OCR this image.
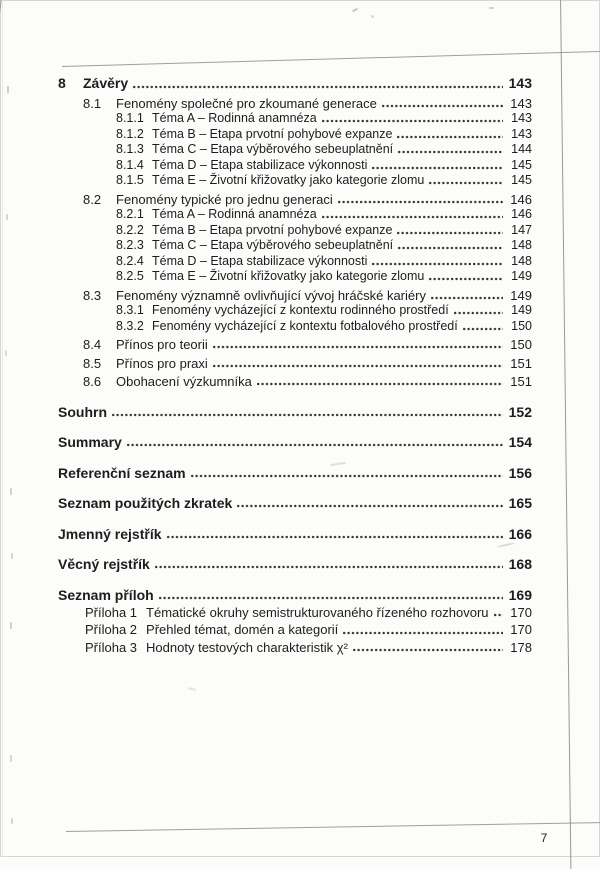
8	Závěry	143
8.1	Fenomény společné pro zkoumané generace	143
8.1.1 Téma A – Rodinná anamnéza	143
8.1.2 Téma B – Etapa prvotní pohybové expanze	143
8.1.3 Téma C – Etapa výběrového sebeuplatnění	144
8.1.4 Téma D – Etapa stabilizace výkonnosti	145
8.1.5 Téma E – Životní křižovatky jako kategorie zlomu	145
8.2	Fenomény typické pro jednu generaci	146
8.2.1 Téma A – Rodinná anamnéza	146
8.2.2 Téma B – Etapa prvotní pohybové expanze	147
8.2.3 Téma C – Etapa výběrového sebeuplatnění	148
8.2.4 Téma D – Etapa stabilizace výkonnosti	148
8.2.5 Téma E – Životní křižovatky jako kategorie zlomu	149
8.3	Fenomény významně ovlivňující vývoj hráčské kariéry	149
8.3.1 Fenomény vycházející z kontextu rodinného prostředí	149
8.3.2 Fenomény vycházející z kontextu fotbalového prostředí	150
8.4	Přínos pro teorii	150
8.5	Přínos pro praxi	151
8.6	Obohacení výzkumníka	151
Souhrn	152
Summary	154
Referenční seznam	156
Seznam použitých zkratek	165
Jmenný rejstřík	166
Věcný rejstřík	168
Seznam příloh	169
Příloha 1 Tématické okruhy semistrukturovaného řízeného rozhovoru	170
Příloha 2 Přehled témat, domén a kategorií	170
Příloha 3 Hodnoty testových charakteristik χ²	178
7
